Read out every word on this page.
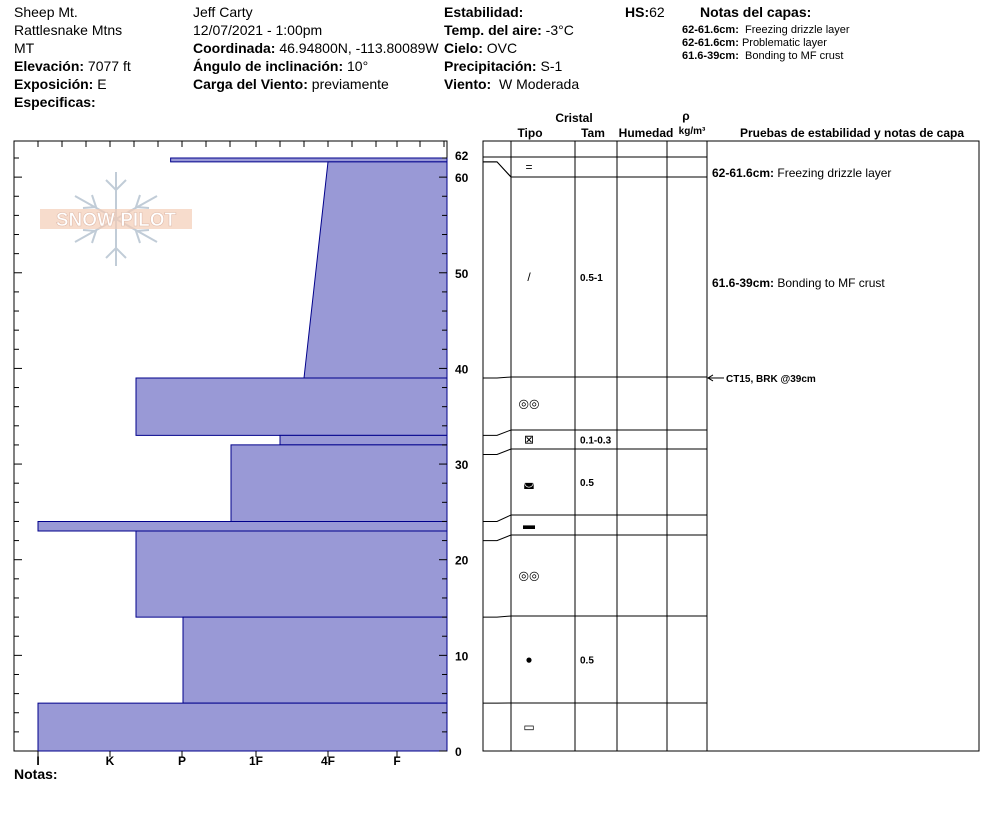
Sheep Mt.
Rattlesnake Mtns
MT
Elevación: 7077 ft
Exposición: E
Especificas:
Jeff Carty
12/07/2021 - 1:00pm
Coordinada: 46.94800N, -113.80089W
Ángulo de inclinación: 10°
Carga del Viento: previamente
Estabilidad:
Temp. del aire: -3°C
Cielo: OVC
Precipitación: S-1
Viento: W Moderada
HS:62	Notas del capas:
62-61.6cm: Freezing drizzle layer
62-61.6cm: Problematic layer
61.6-39cm: Bonding to MF crust
SNOW PILOT
0
10
20
30
40
50
60
62
I	K	P	1F	4F	F
=
/	0.5-1
◎◎
⊠	0.1-0.3
◛	0.5
▬
◎◎
●	0.5
▭
Cristal
Tipo	Tam Humedad
ρ
kg/m³	Pruebas de estabilidad y notas de capa
62-61.6cm: Freezing drizzle layer
61.6-39cm: Bonding to MF crust
CT15, BRK @39cm
Notas:
